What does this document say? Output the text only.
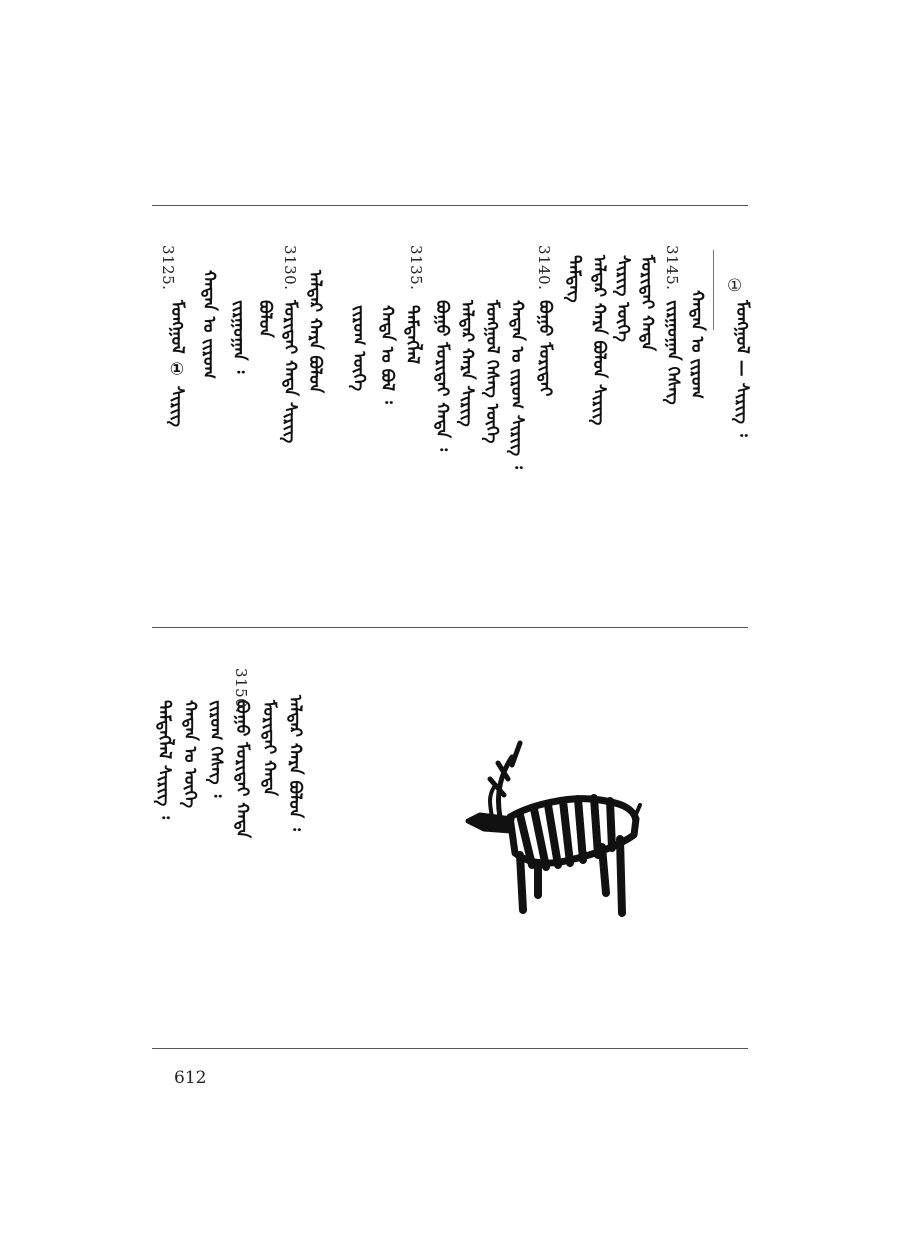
①
ᠮᠣᠩᠭᠣᠯ — ᠰᠢᠷᠢᠭ ᠄
ᠬᠠᠳᠠᠨ ᠤ ᠵᠢᠷᠤᠭ
ᠵᠢᠷᠭᠤᠭᠠᠨ ᠬᠡᠰᠡᠭ
ᠮᠣᠷᠢᠳᠠᠢ ᠬᠠᠳᠠ
ᠰᠢᠷᠢᠭ ᠦᠭᠡ
ᠠᠯᠳᠠᠷ ᠬᠠᠷᠠ ᠪᠣᠯᠤᠨ ᠰᠢᠷᠢᠭ
ᠲᠡᠮᠳᠡᠭ
ᠪᠤᠭᠤ ᠮᠣᠷᠢᠳᠠᠢ
ᠬᠠᠳᠠᠨ ᠤ ᠵᠢᠷᠤᠭ ᠰᠢᠷᠢᠭ ᠄
ᠮᠣᠩᠭᠣᠯ ᠬᠡᠰᠡᠭ ᠦᠭᠡ
ᠠᠯᠳᠠᠷ ᠬᠠᠷᠠ ᠰᠢᠷᠢᠭ
ᠪᠤᠭᠤ ᠮᠣᠷᠢᠳᠠᠢ ᠬᠠᠳᠠ ᠄
ᠲᠡᠮᠳᠡᠭᠯᠡᠯ
ᠬᠠᠳᠠ ᠤ ᠪᠣᠯ ᠄
ᠵᠢᠷᠤᠭ ᠦᠭᠡ
ᠠᠯᠳᠠᠷ ᠬᠠᠷᠠ ᠪᠣᠯᠤᠨ
ᠮᠣᠷᠢᠳᠠᠢ ᠬᠠᠳᠠ ᠰᠢᠷᠢᠭ
ᠪᠣᠯᠤᠨ
ᠵᠢᠷᠭᠤᠭᠠᠨ ᠄
ᠬᠠᠳᠠᠨ ᠤ ᠵᠢᠷᠤᠭ
ᠮᠣᠩᠭᠣᠯ ① ᠰᠢᠷᠢᠭ
3145.
3140.
3135.
3130.
3125.
ᠠᠯᠳᠠᠷ ᠬᠠᠷᠠ ᠪᠣᠯᠤᠨ ᠄
ᠮᠣᠷᠢᠳᠠᠢ ᠬᠠᠳᠠ
ᠪᠤᠭᠤ ᠮᠣᠷᠢᠳᠠᠢ ᠬᠠᠳᠠ
ᠵᠢᠷᠤᠭ ᠬᠡᠰᠡᠭ ᠄
ᠬᠠᠳᠠᠨ ᠤ ᠦᠭᠡ
ᠲᠡᠮᠳᠡᠭᠯᠡᠯ ᠰᠢᠷᠢᠭ ᠄
3150.
612
